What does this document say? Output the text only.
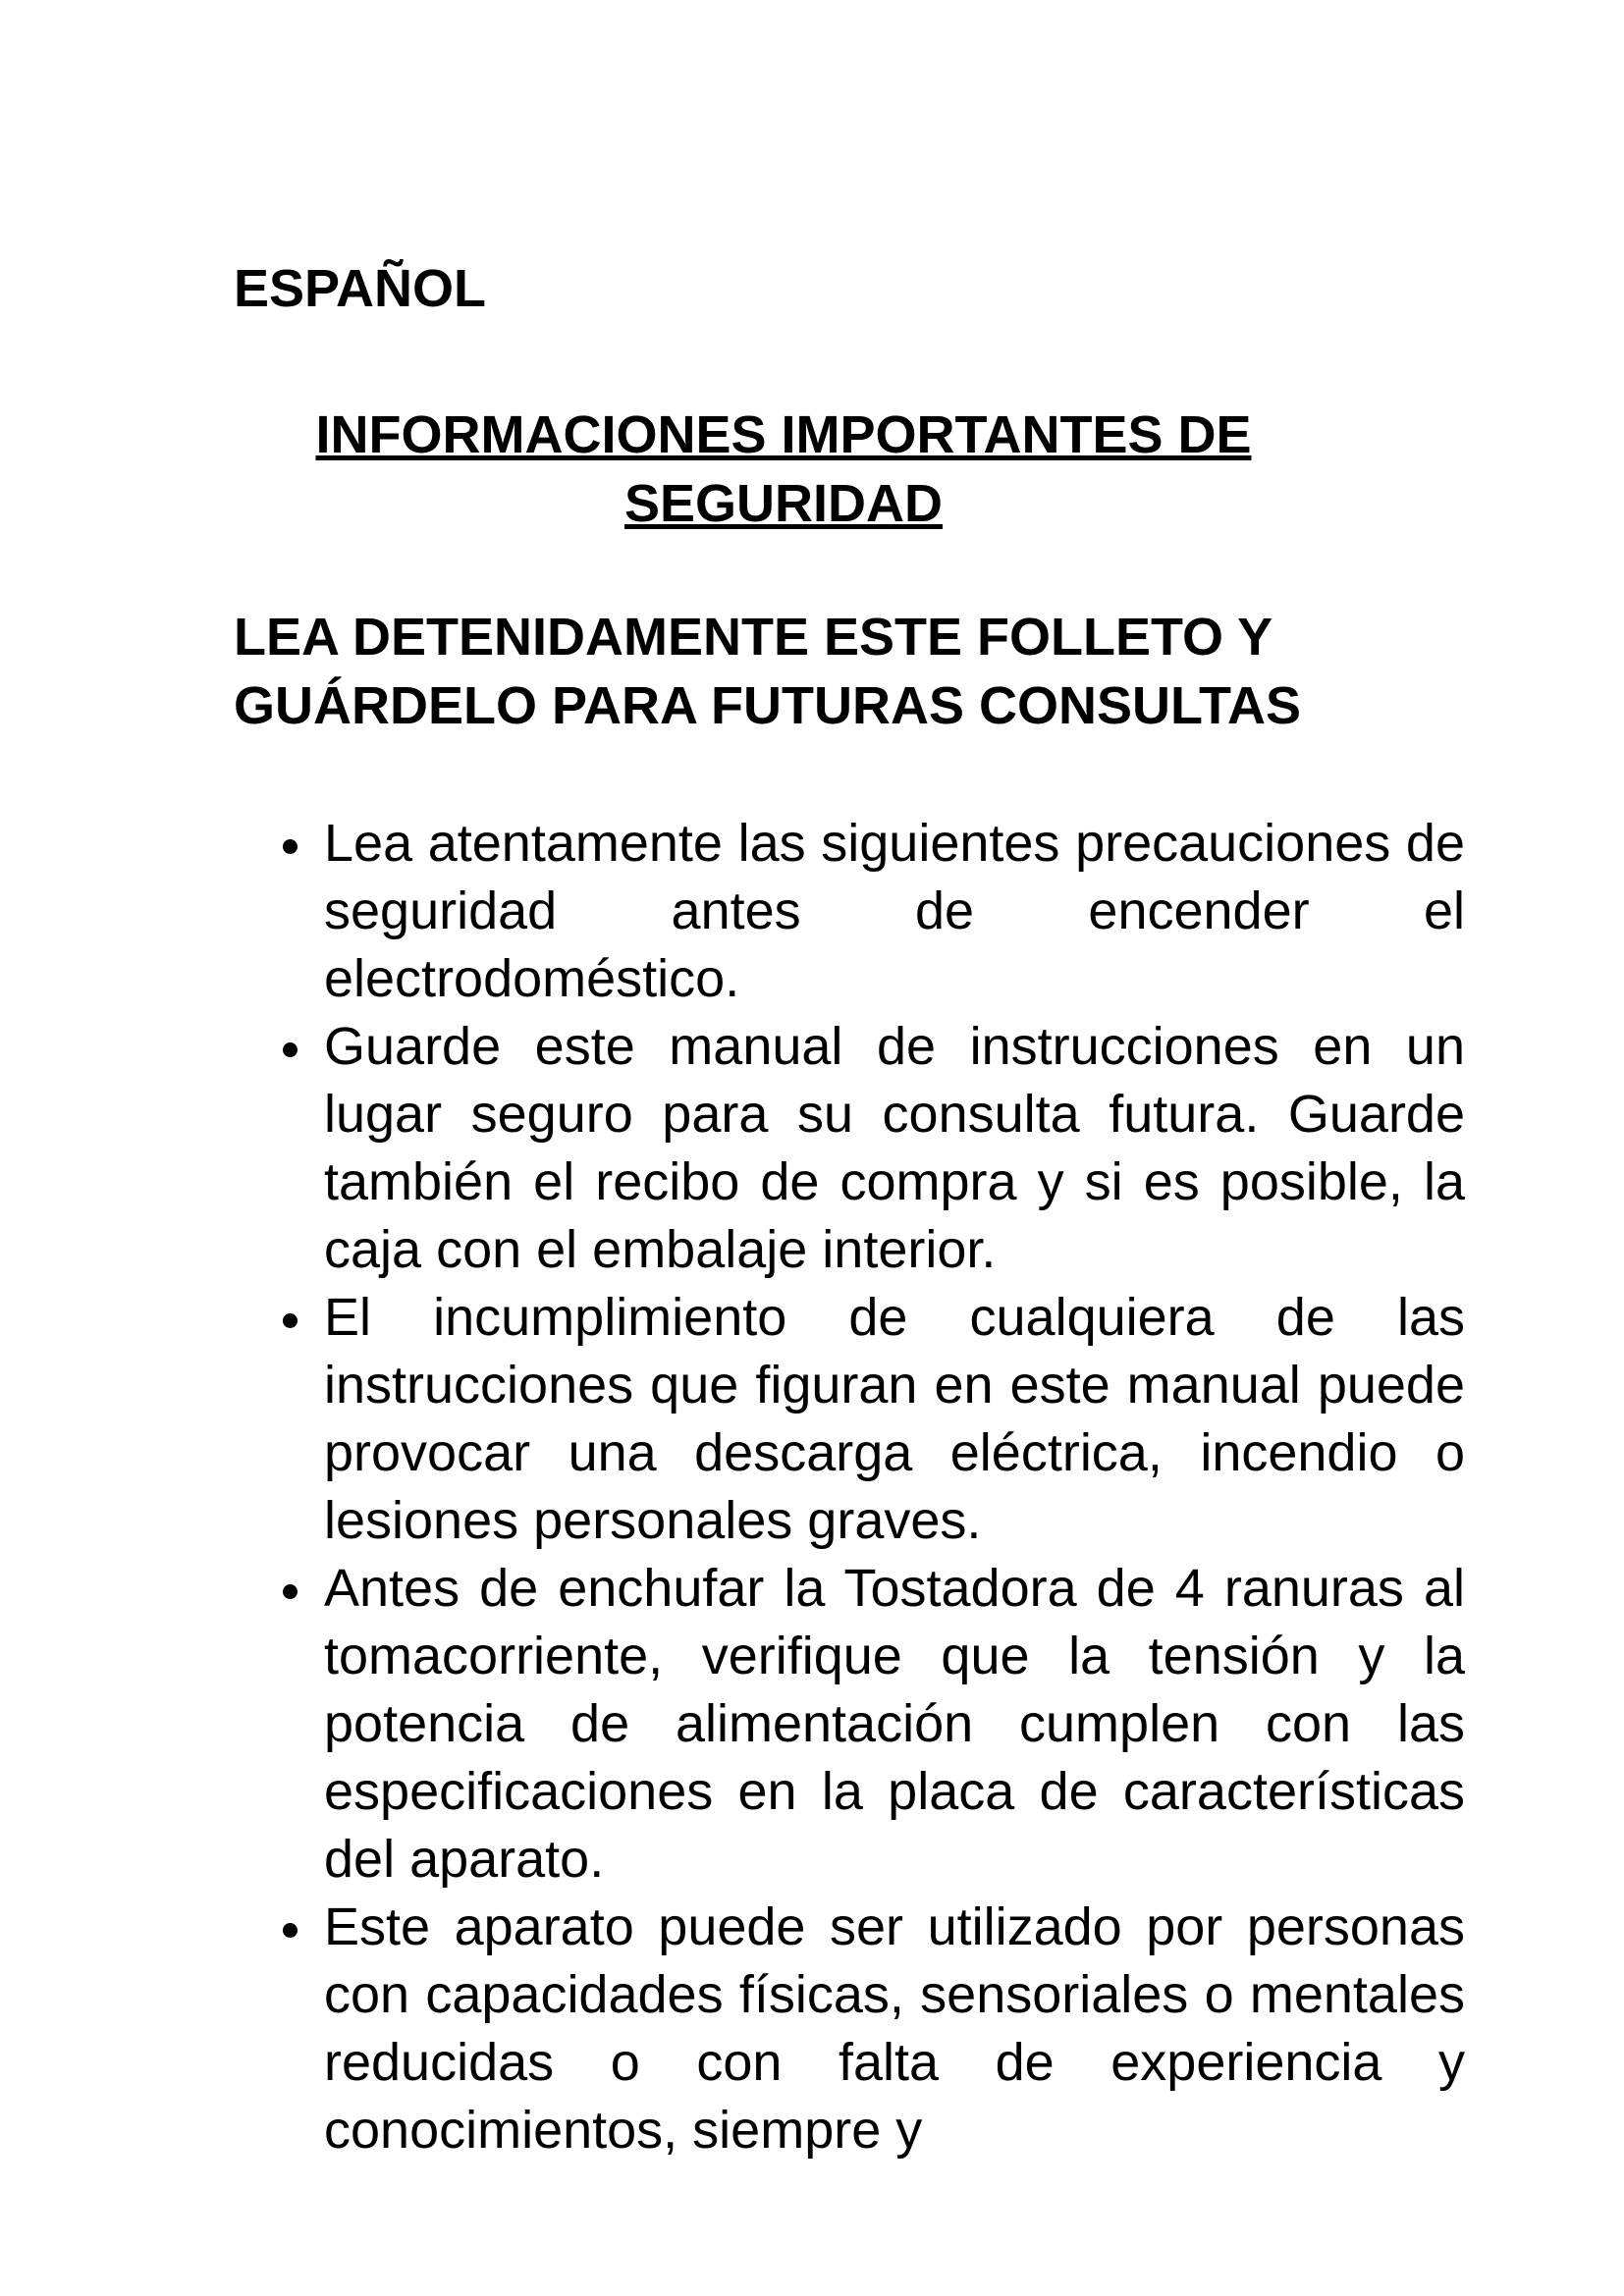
ESPAÑOL
INFORMACIONES IMPORTANTES DE
SEGURIDAD
LEA DETENIDAMENTE ESTE FOLLETO Y
GUÁRDELO PARA FUTURAS CONSULTAS
Lea atentamente las siguientes precauciones de seguridad antes de encender el electrodoméstico.
Guarde este manual de instrucciones en un lugar seguro para su consulta futura. Guarde también el recibo de compra y si es posible, la caja con el embalaje interior.
El incumplimiento de cualquiera de las instrucciones que figuran en este manual puede provocar una descarga eléctrica, incendio o lesiones personales graves.
Antes de enchufar la Tostadora de 4 ranuras al tomacorriente, verifique que la tensión y la potencia de alimentación cumplen con las especificaciones en la placa de características del aparato.
Este aparato puede ser utilizado por personas con capacidades físicas, sensoriales o mentales reducidas o con falta de experiencia y conocimientos, siempre y
